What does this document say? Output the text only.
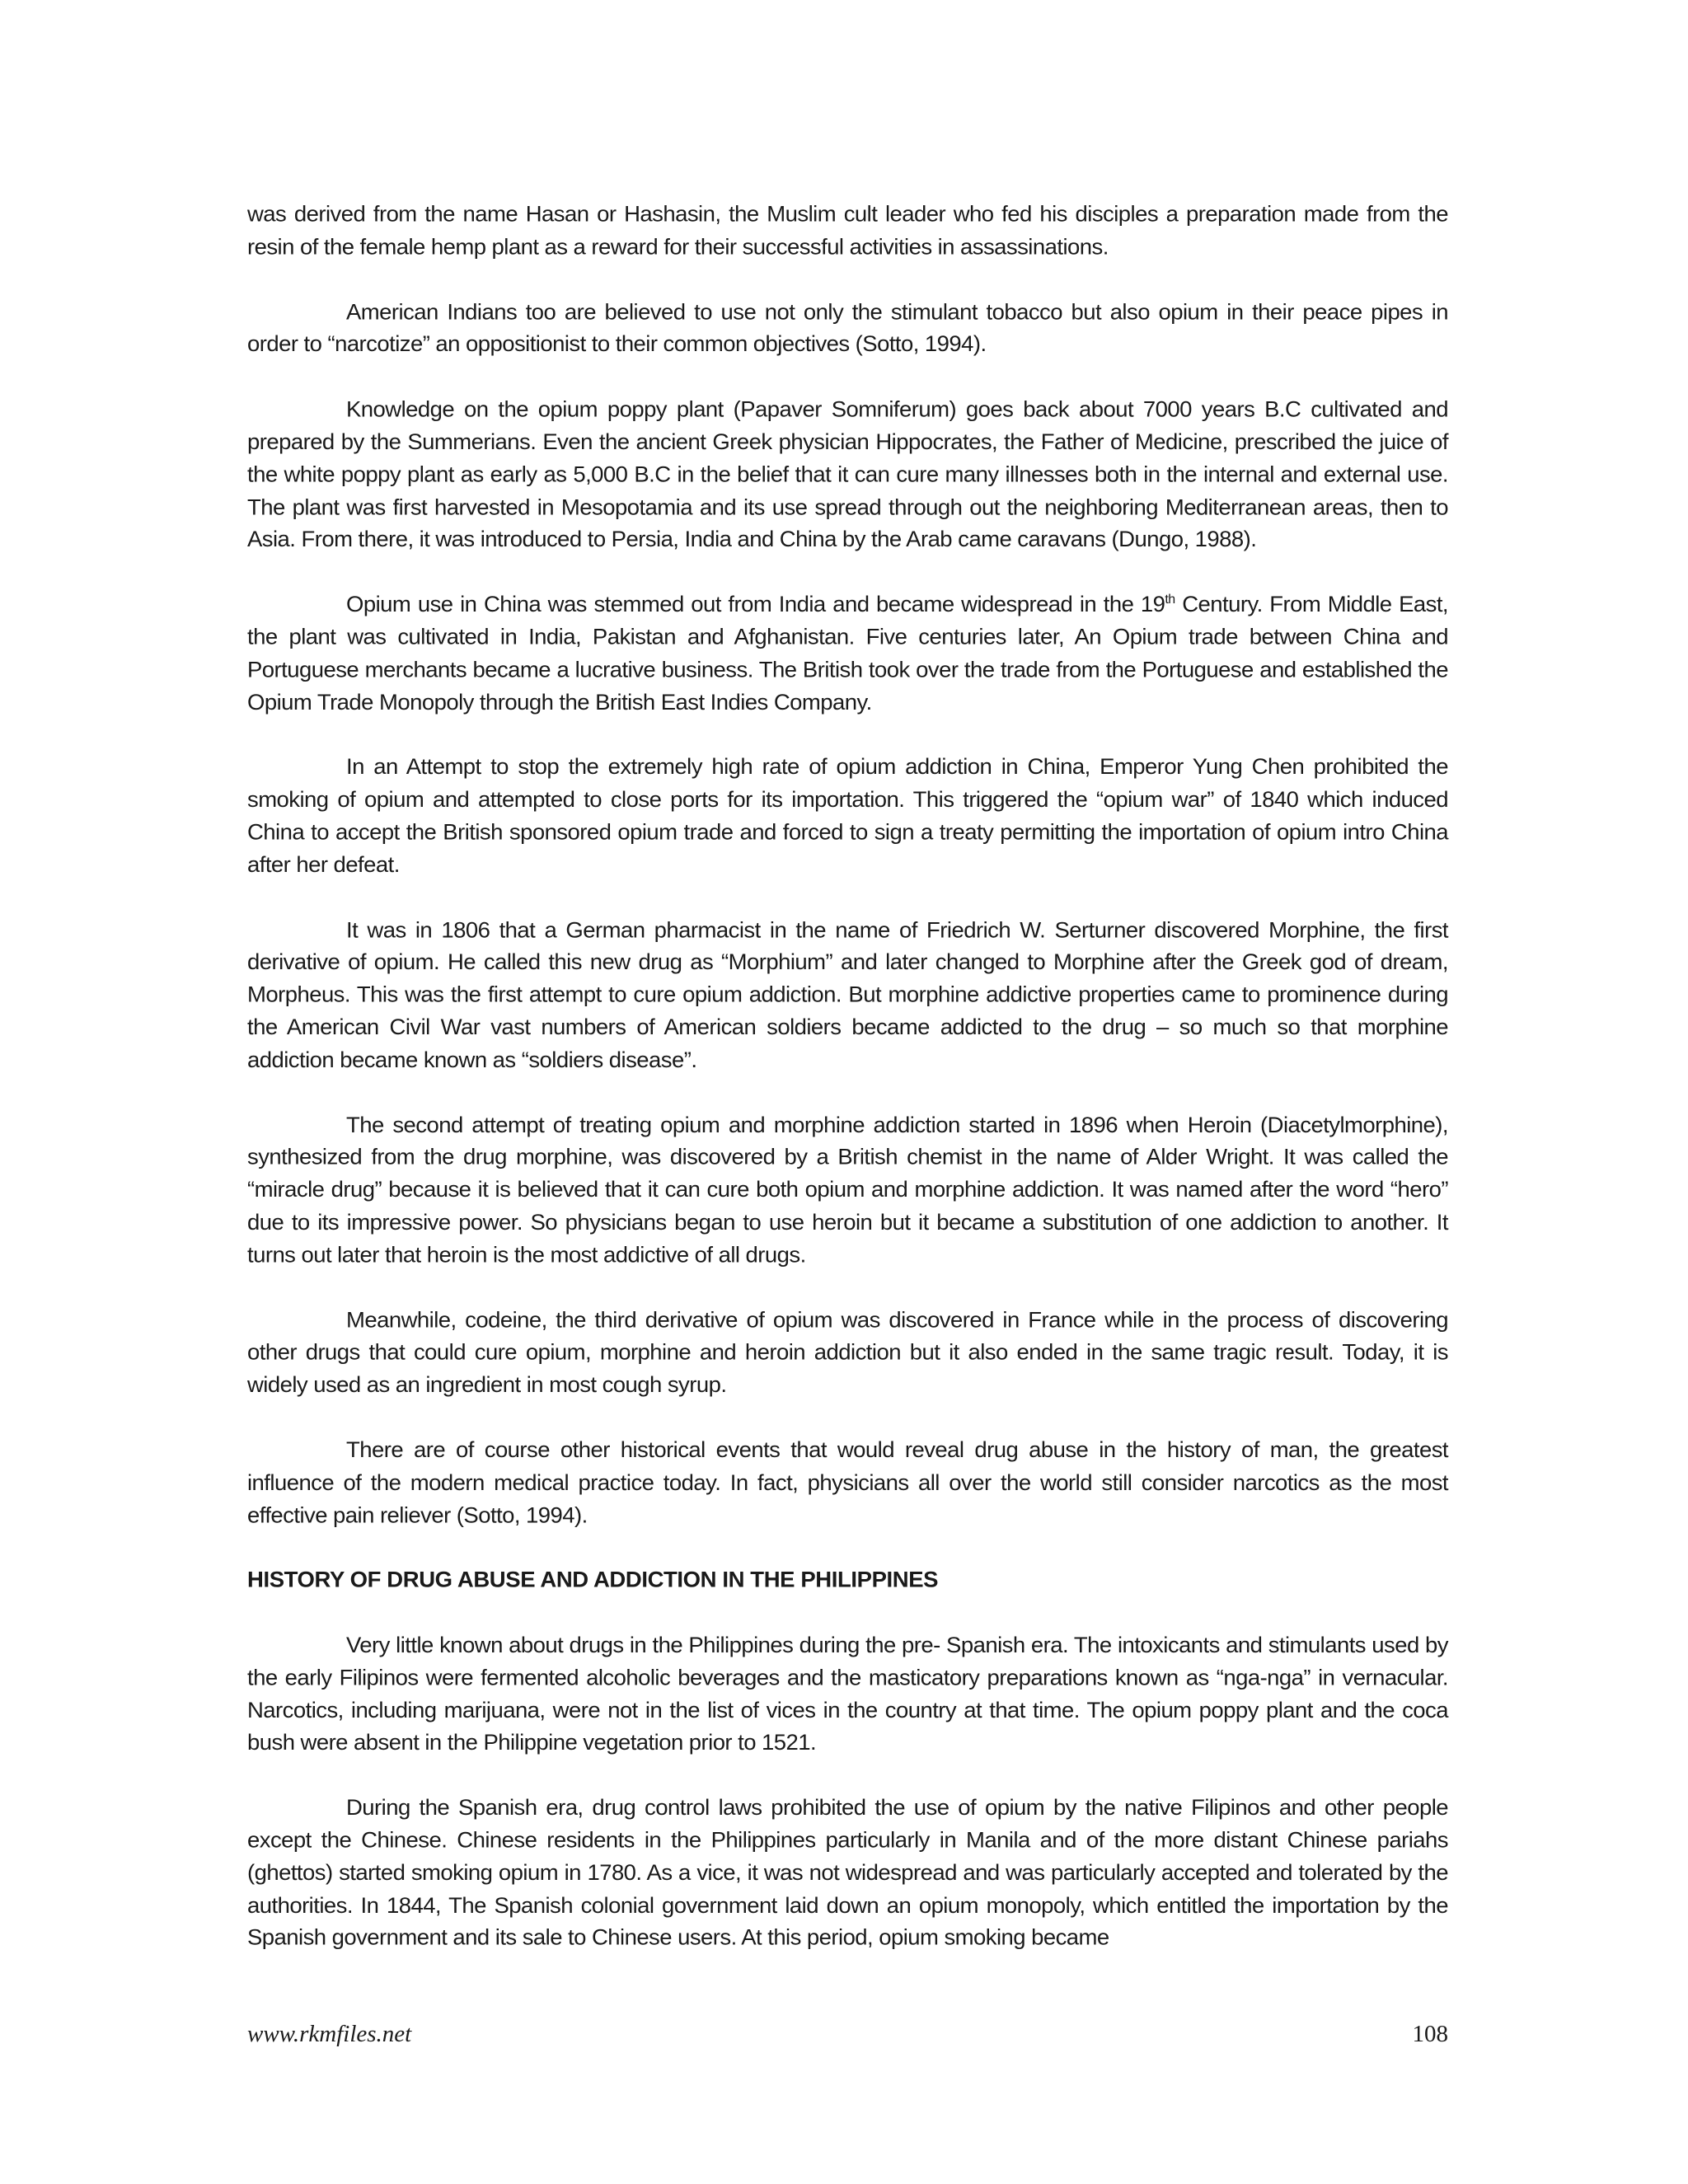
was derived from the name Hasan or Hashasin, the Muslim cult leader who fed his disciples a preparation made from the resin of the female hemp plant as a reward for their successful activities in assassinations.

American Indians too are believed to use not only the stimulant tobacco but also opium in their peace pipes in order to “narcotize” an oppositionist to their common objectives (Sotto, 1994).

Knowledge on the opium poppy plant (Papaver Somniferum) goes back about 7000 years B.C cultivated and prepared by the Summerians. Even the ancient Greek physician Hippocrates, the Father of Medicine, prescribed the juice of the white poppy plant as early as 5,000 B.C in the belief that it can cure many illnesses both in the internal and external use. The plant was first harvested in Mesopotamia and its use spread through out the neighboring Mediterranean areas, then to Asia. From there, it was introduced to Persia, India and China by the Arab came caravans (Dungo, 1988).

Opium use in China was stemmed out from India and became widespread in the 19th Century. From Middle East, the plant was cultivated in India, Pakistan and Afghanistan. Five centuries later, An Opium trade between China and Portuguese merchants became a lucrative business. The British took over the trade from the Portuguese and established the Opium Trade Monopoly through the British East Indies Company.

In an Attempt to stop the extremely high rate of opium addiction in China, Emperor Yung Chen prohibited the smoking of opium and attempted to close ports for its importation. This triggered the “opium war” of 1840 which induced China to accept the British sponsored opium trade and forced to sign a treaty permitting the importation of opium intro China after her defeat.

It was in 1806 that a German pharmacist in the name of Friedrich W. Serturner discovered Morphine, the first derivative of opium. He called this new drug as “Morphium” and later changed to Morphine after the Greek god of dream, Morpheus. This was the first attempt to cure opium addiction. But morphine addictive properties came to prominence during the American Civil War vast numbers of American soldiers became addicted to the drug – so much so that morphine addiction became known as “soldiers disease”.

The second attempt of treating opium and morphine addiction started in 1896 when Heroin (Diacetylmorphine), synthesized from the drug morphine, was discovered by a British chemist in the name of Alder Wright. It was called the “miracle drug” because it is believed that it can cure both opium and morphine addiction. It was named after the word “hero” due to its impressive power. So physicians began to use heroin but it became a substitution of one addiction to another. It turns out later that heroin is the most addictive of all drugs.

Meanwhile, codeine, the third derivative of opium was discovered in France while in the process of discovering other drugs that could cure opium, morphine and heroin addiction but it also ended in the same tragic result. Today, it is widely used as an ingredient in most cough syrup.

There are of course other historical events that would reveal drug abuse in the history of man, the greatest influence of the modern medical practice today. In fact, physicians all over the world still consider narcotics as the most effective pain reliever (Sotto, 1994).

HISTORY OF DRUG ABUSE AND ADDICTION IN THE PHILIPPINES

Very little known about drugs in the Philippines during the pre- Spanish era. The intoxicants and stimulants used by the early Filipinos were fermented alcoholic beverages and the masticatory preparations known as “nga-nga” in vernacular. Narcotics, including marijuana, were not in the list of vices in the country at that time. The opium poppy plant and the coca bush were absent in the Philippine vegetation prior to 1521.

During the Spanish era, drug control laws prohibited the use of opium by the native Filipinos and other people except the Chinese. Chinese residents in the Philippines particularly in Manila and of the more distant Chinese pariahs (ghettos) started smoking opium in 1780. As a vice, it was not widespread and was particularly accepted and tolerated by the authorities. In 1844, The Spanish colonial government laid down an opium monopoly, which entitled the importation by the Spanish government and its sale to Chinese users. At this period, opium smoking became

www.rkmfiles.net	108
